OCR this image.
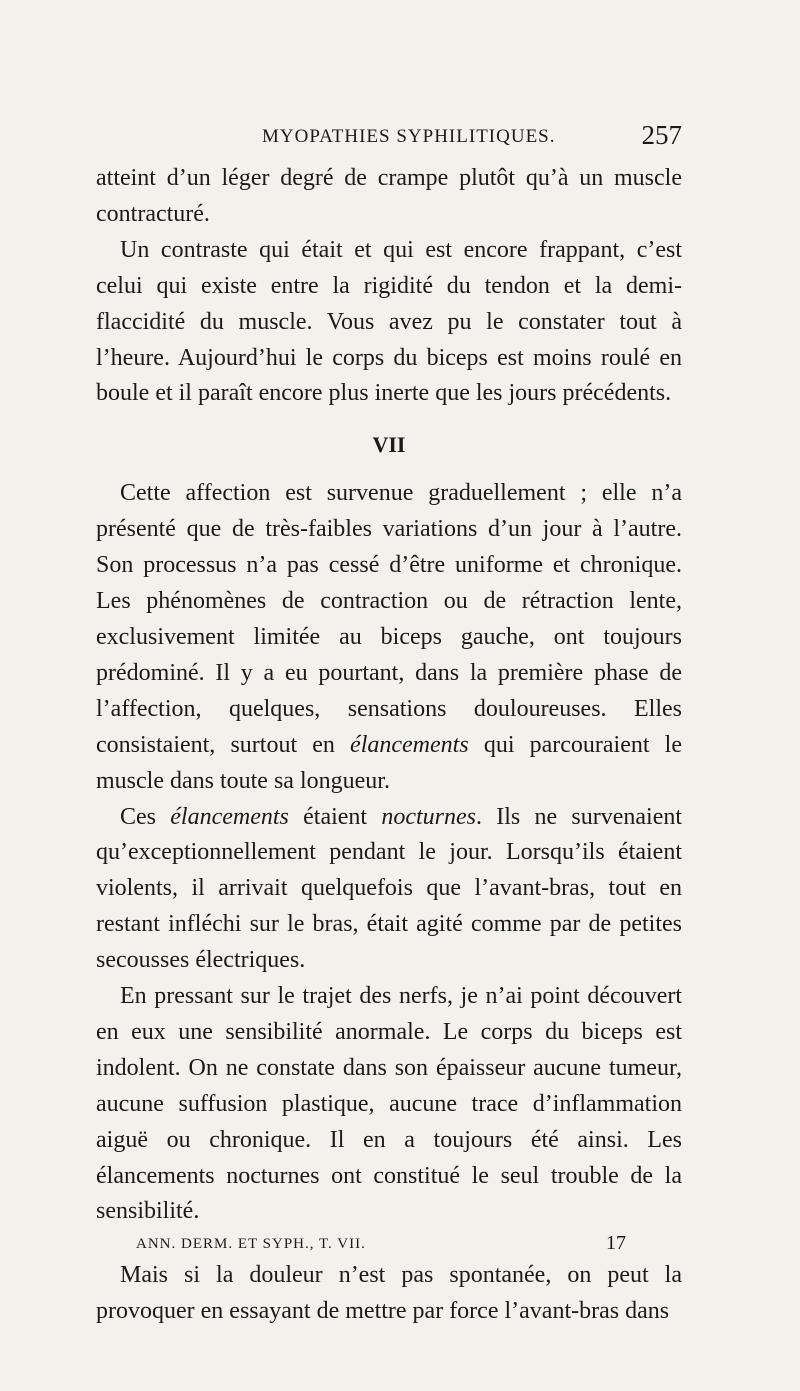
MYOPATHIES SYPHILITIQUES.	257

atteint d’un léger degré de crampe plutôt qu’à un muscle contracturé.

Un contraste qui était et qui est encore frappant, c’est celui qui existe entre la rigidité du tendon et la demi-flaccidité du muscle. Vous avez pu le constater tout à l’heure. Aujourd’hui le corps du biceps est moins roulé en boule et il paraît encore plus inerte que les jours précédents.

VII

Cette affection est survenue graduellement ; elle n’a présenté que de très-faibles variations d’un jour à l’autre. Son processus n’a pas cessé d’être uniforme et chronique. Les phénomènes de contraction ou de rétraction lente, exclusivement limitée au biceps gauche, ont toujours prédominé. Il y a eu pourtant, dans la première phase de l’affection, quelques, sensations douloureuses. Elles consistaient, surtout en élancements qui parcouraient le muscle dans toute sa longueur.

Ces élancements étaient nocturnes. Ils ne survenaient qu’exceptionnellement pendant le jour. Lorsqu’ils étaient violents, il arrivait quelquefois que l’avant-bras, tout en restant infléchi sur le bras, était agité comme par de petites secousses électriques.

En pressant sur le trajet des nerfs, je n’ai point découvert en eux une sensibilité anormale. Le corps du biceps est indolent. On ne constate dans son épaisseur aucune tumeur, aucune suffusion plastique, aucune trace d’inflammation aiguë ou chronique. Il en a toujours été ainsi. Les élancements nocturnes ont constitué le seul trouble de la sensibilité.

Mais si la douleur n’est pas spontanée, on peut la provoquer en essayant de mettre par force l’avant-bras dans

ANN. DERM. ET SYPH., T. VII.	17
